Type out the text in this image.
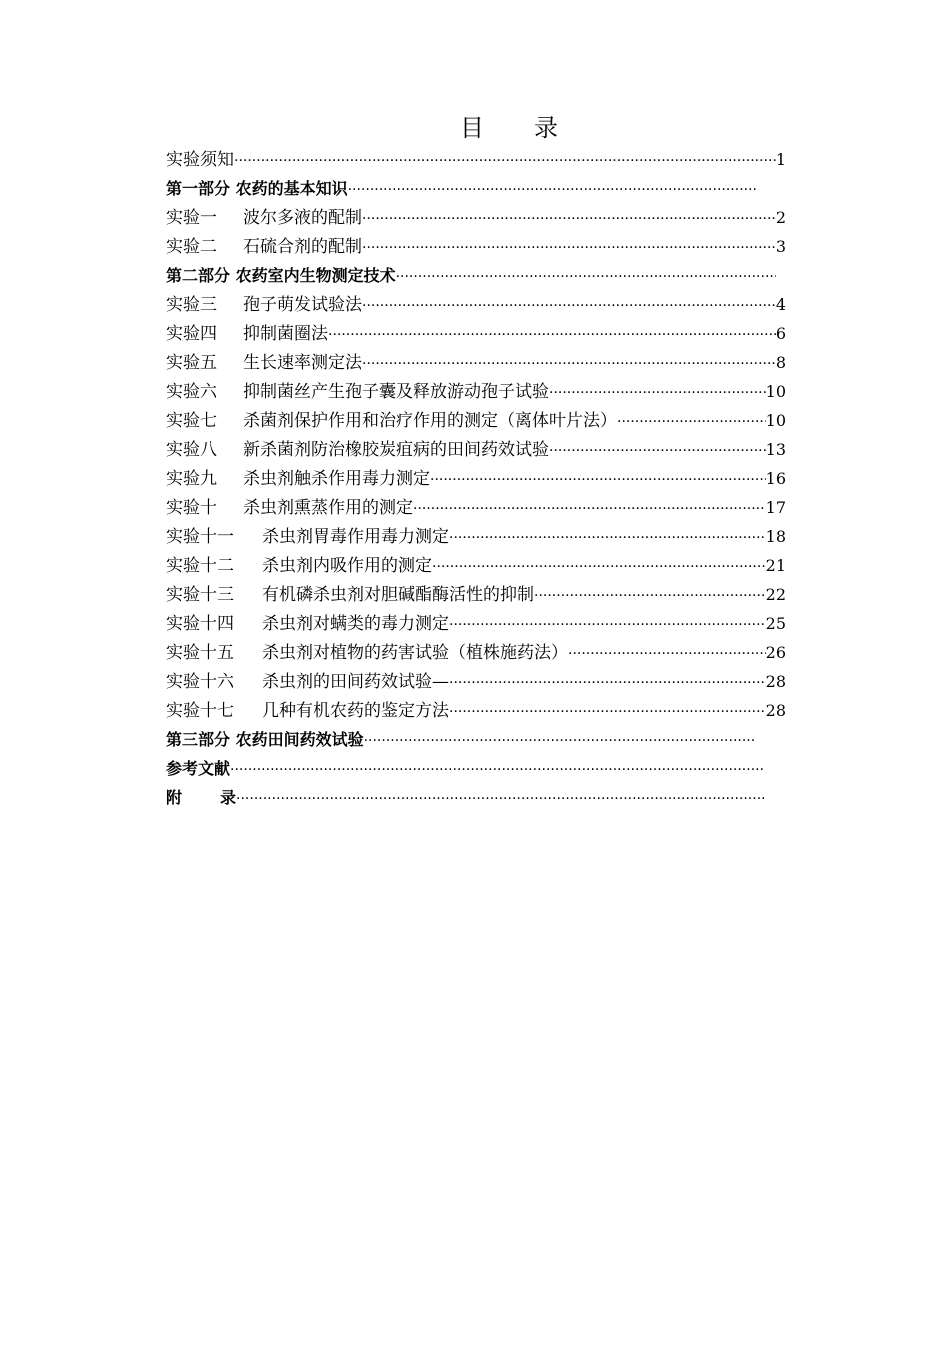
目 录
实验须知 ·····	1
第一部分 农药的基本知识
·····
实验一 波尔多液的配制 ·····	2
实验二 石硫合剂的配制 ·····	3
第二部分 农药室内生物测定技术
·····
实验三 孢子萌发试验法 ·····	4
实验四 抑制菌圈法 ·····	6
实验五 生长速率测定法 ·····	8
实验六 抑制菌丝产生孢子囊及释放游动孢子试验 ·····	10
实验七 杀菌剂保护作用和治疗作用的测定（离体叶片法） ·····	10
实验八 新杀菌剂防治橡胶炭疽病的田间药效试验 ·····	13
实验九 杀虫剂触杀作用毒力测定 ·····	16
实验十 杀虫剂熏蒸作用的测定 ·····	17
实验十一 杀虫剂胃毒作用毒力测定 ·····	18
实验十二 杀虫剂内吸作用的测定 ·····	21
实验十三 有机磷杀虫剂对胆碱酯酶活性的抑制 ·····	22
实验十四 杀虫剂对螨类的毒力测定 ·····	25
实验十五 杀虫剂对植物的药害试验（植株施药法） ·····	26
实验十六 杀虫剂的田间药效试验— ·····	28
实验十七 几种有机农药的鉴定方法 ·····	28
第三部分 农药田间药效试验
·····
参考文献
·····
附 录
·····
